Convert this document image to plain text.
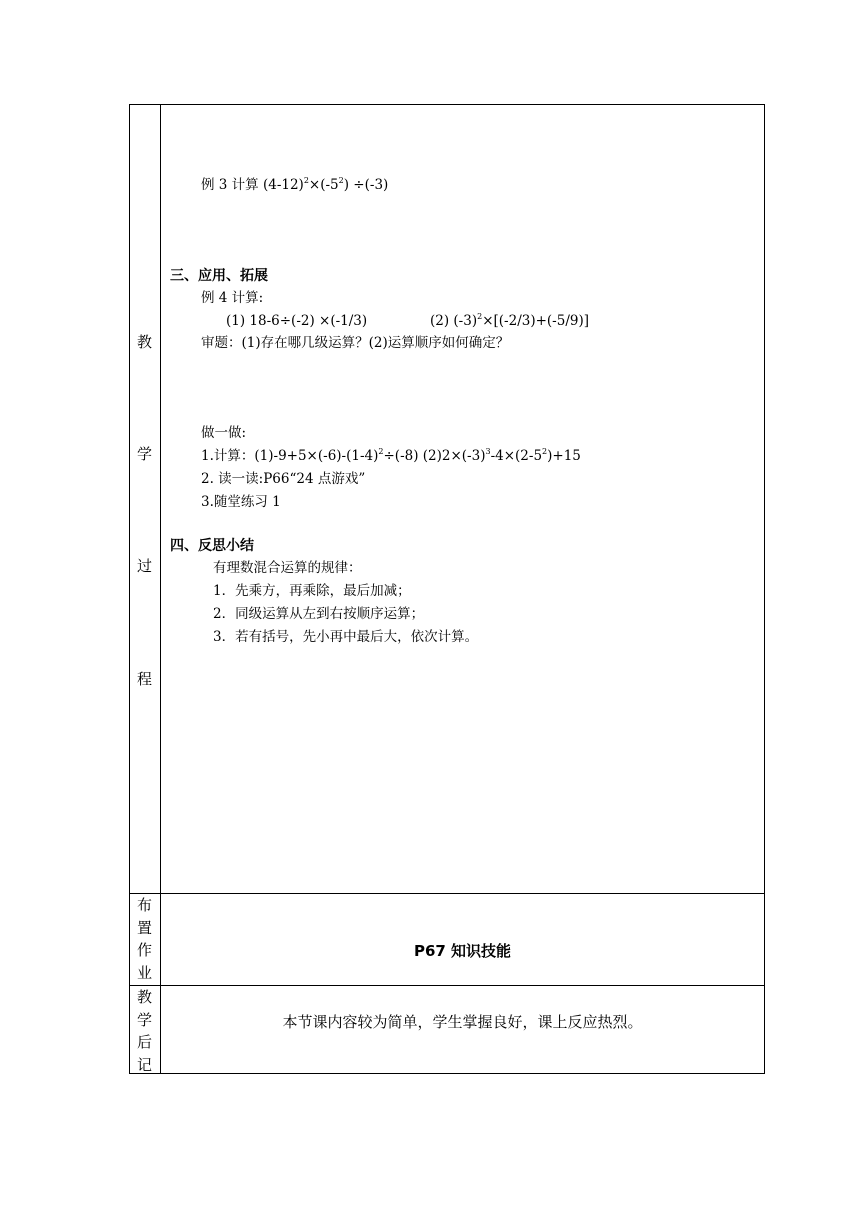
教
学
过
程
布
置
作
业
教
学
后
记
例 3 计算 $(4-12)^2\times(-5^2) \div(-3)$
三、应用、拓展
例 4 计算:
(1) 18-6÷(-2) ×(-1/3)	(2) $(-3)^2\times[(-2/3)+(-5/9)]$
审题：(1)存在哪几级运算？(2)运算顺序如何确定？
做一做:
1.计算：$(1)-9+5\times(-6)-(1-4)^2\div(-8)$ $(2)2\times(-3)^3-4\times(2-5^2)+15$
2. 读一读:P66“24 点游戏”
3.随堂练习 1
四、反思小结
有理数混合运算的规律：
1．先乘方，再乘除，最后加减；
2．同级运算从左到右按顺序运算；
3．若有括号，先小再中最后大，依次计算。
P67 知识技能
本节课内容较为简单，学生掌握良好，课上反应热烈。
